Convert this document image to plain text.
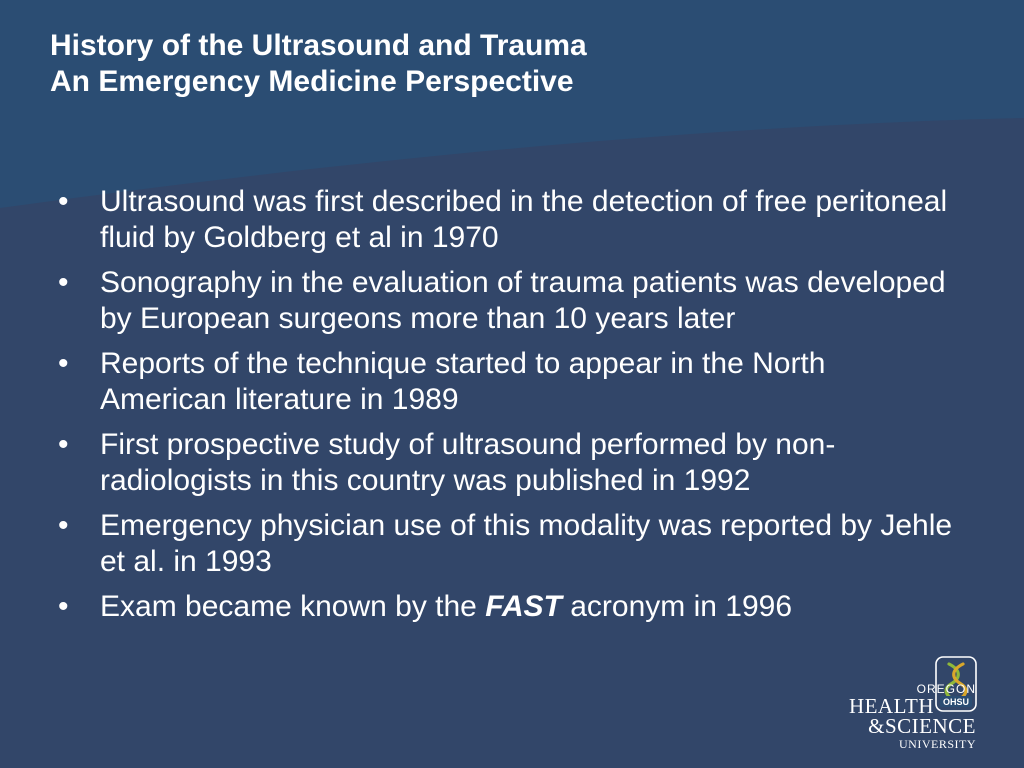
History of the Ultrasound and Trauma
An Emergency Medicine Perspective
• Ultrasound was first described in the detection of free peritoneal fluid by Goldberg et al in 1970
• Sonography in the evaluation of trauma patients was developed by European surgeons more than 10 years later
• Reports of the technique started to appear in the North American literature in 1989
• First prospective study of ultrasound performed by non-radiologists in this country was published in 1992
• Emergency physician use of this modality was reported by Jehle et al. in 1993
• Exam became known by the FAST acronym in 1996
OHSU
OREGON
HEALTH
&SCIENCE
UNIVERSITY
